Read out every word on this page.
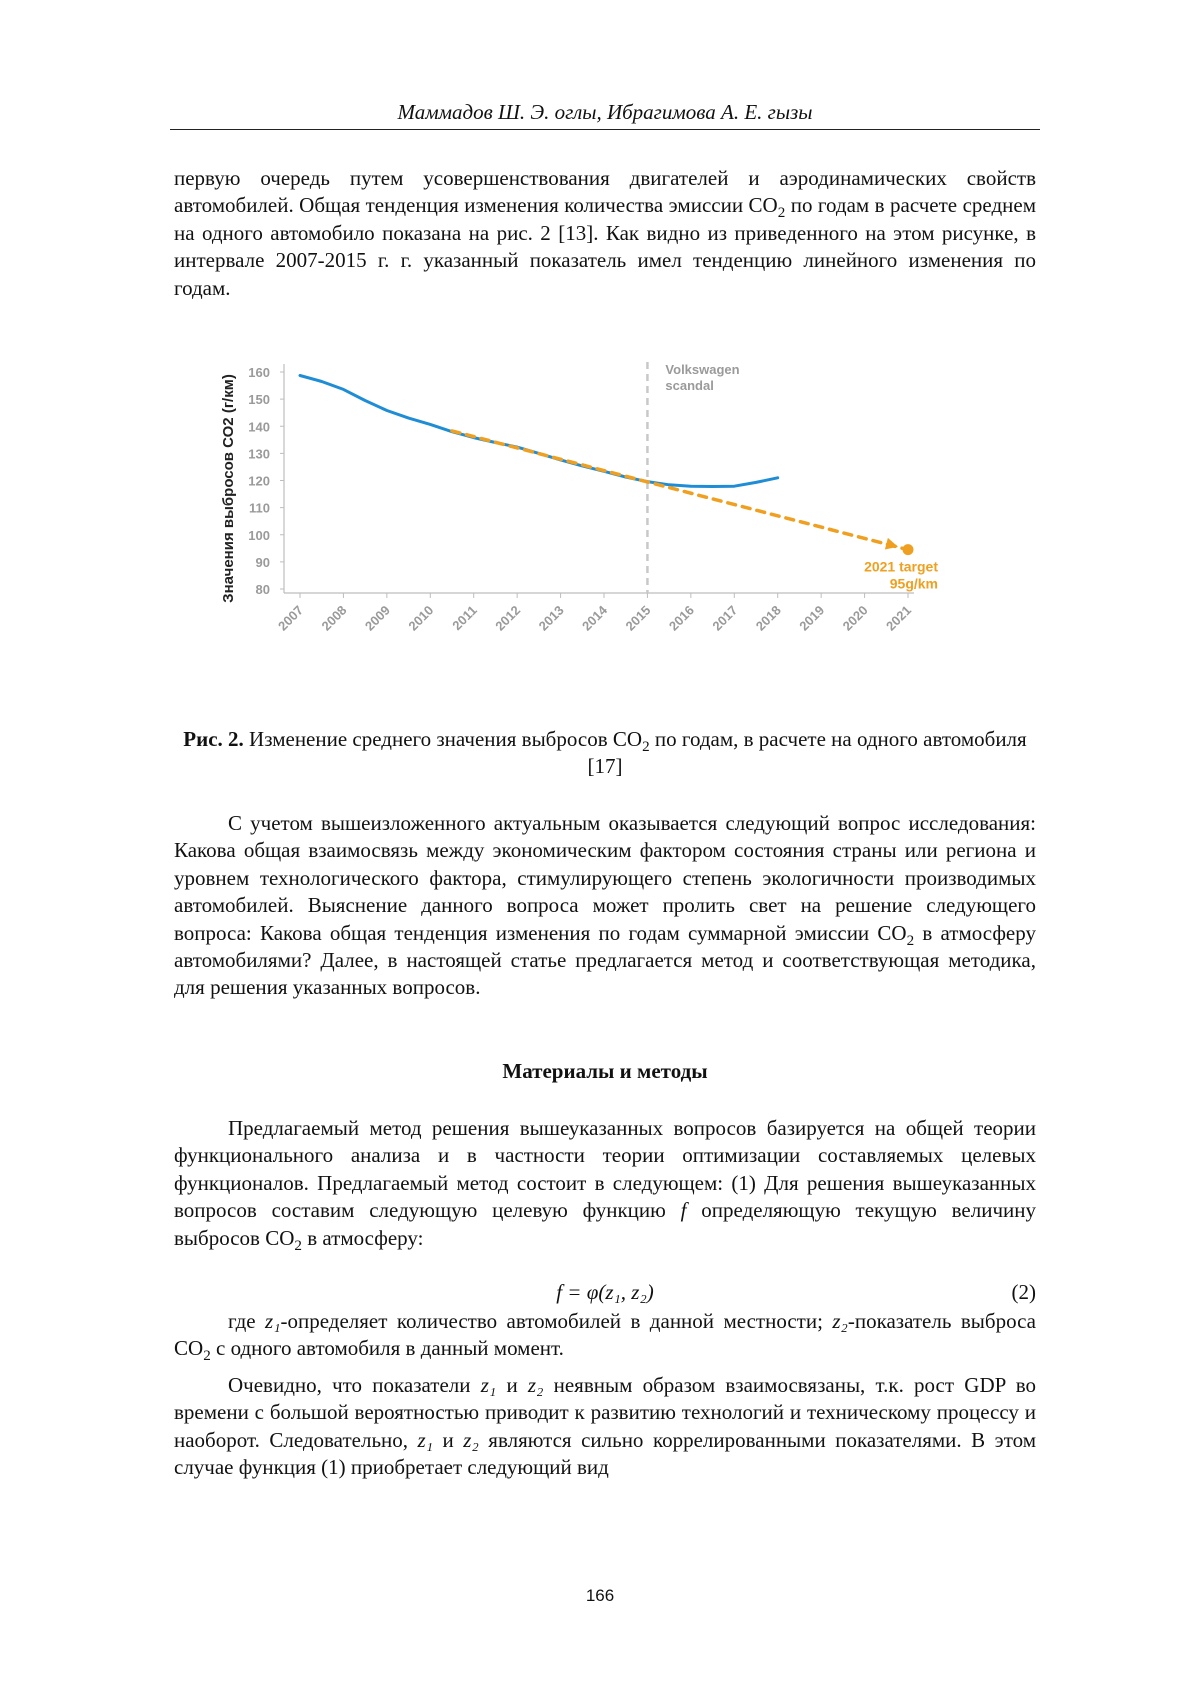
Маммадов Ш. Э. оглы, Ибрагимова А. Е. гызы

первую очередь путем усовершенствования двигателей и аэродинамических свойств автомобилей. Общая тенденция изменения количества эмиссии $СО_2$ по годам в расчете среднем на одного автомобило показана на рис. 2 [13]. Как видно из приведенного на этом рисунке, в интервале 2007-2015 г. г. указанный показатель имел тенденцию линейного изменения по годам.

80
90
100
110
120
130
140
150
160
2007 2008 2009 2010 2011 2012 2013 2014 2015 2016 2017 2018 2019 2020 2021
Значения выбросов СО2 (г/км)
Volkswagen
scandal
2021 target
95g/km

Рис. 2. Изменение среднего значения выбросов $СО_2$ по годам, в расчете на одного автомобиля [17]

С учетом вышеизложенного актуальным оказывается следующий вопрос исследования: Какова общая взаимосвязь между экономическим фактором состояния страны или региона и уровнем технологического фактора, стимулирующего степень экологичности производимых автомобилей. Выяснение данного вопроса может пролить свет на решение следующего вопроса: Какова общая тенденция изменения по годам суммарной эмиссии $СО_2$ в атмосферу автомобилями? Далее, в настоящей статье предлагается метод и соответствующая методика, для решения указанных вопросов.

Материалы и методы

Предлагаемый метод решения вышеуказанных вопросов базируется на общей теории функционального анализа и в частности теории оптимизации составляемых целевых функционалов. Предлагаемый метод состоит в следующем: (1) Для решения вышеуказанных вопросов составим следующую целевую функцию f определяющую текущую величину выбросов $СО_2$ в атмосферу:

f = φ(z₁, z₂)	(2)

где z₁-определяет количество автомобилей в данной местности; z₂-показатель выброса $СО_2$ с одного автомобиля в данный момент.

Очевидно, что показатели z₁ и z₂ неявным образом взаимосвязаны, т.к. рост GDP во времени с большой вероятностью приводит к развитию технологий и техническому процессу и наоборот. Следовательно, z₁ и z₂ являются сильно коррелированными показателями. В этом случае функция (1) приобретает следующий вид

166
